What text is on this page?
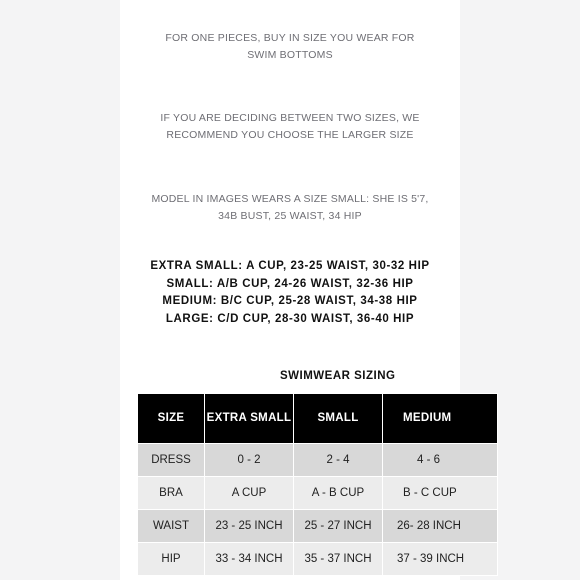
FOR ONE PIECES, BUY IN SIZE YOU WEAR FOR SWIM BOTTOMS
IF YOU ARE DECIDING BETWEEN TWO SIZES, WE RECOMMEND YOU CHOOSE THE LARGER SIZE
MODEL IN IMAGES WEARS A SIZE SMALL: SHE IS 5'7, 34B BUST, 25 WAIST, 34 HIP
EXTRA SMALL: A CUP, 23-25 WAIST, 30-32 HIP
SMALL: A/B CUP, 24-26 WAIST, 32-36 HIP
MEDIUM: B/C CUP, 25-28 WAIST, 34-38 HIP
LARGE: C/D CUP, 28-30 WAIST, 36-40 HIP
SWIMWEAR SIZING
SIZE	EXTRA SMALL	SMALL	MEDIUM
DRESS	0 - 2	2 - 4	4 - 6
BRA	A CUP	A - B CUP	B - C CUP
WAIST	23 - 25 INCH	25 - 27 INCH	26- 28 INCH
HIP	33 - 34 INCH	35 - 37 INCH	37 - 39 INCH
